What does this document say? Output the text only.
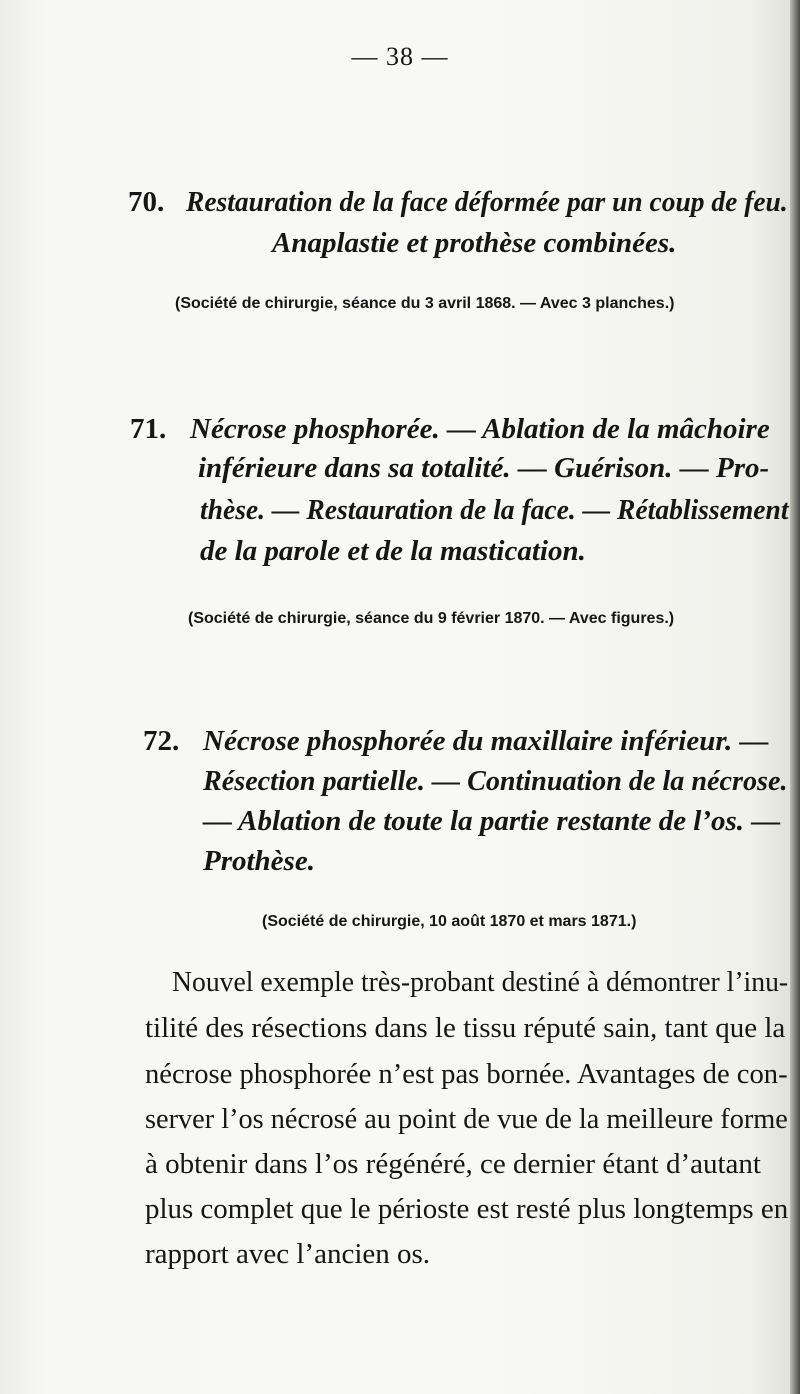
— 38 —
70. Restauration de la face déformée par un coup de feu.
Anaplastie et prothèse combinées.
(Société de chirurgie, séance du 3 avril 1868. — Avec 3 planches.)
71. Nécrose phosphorée. — Ablation de la mâchoire
inférieure dans sa totalité. — Guérison. — Pro-
thèse. — Restauration de la face. — Rétablissement
de la parole et de la mastication.
(Société de chirurgie, séance du 9 février 1870. — Avec figures.)
72. Nécrose phosphorée du maxillaire inférieur. —
Résection partielle. — Continuation de la nécrose.
— Ablation de toute la partie restante de l’os. —
Prothèse.
(Société de chirurgie, 10 août 1870 et mars 1871.)
Nouvel exemple très-probant destiné à démontrer l’inu-
tilité des résections dans le tissu réputé sain, tant que la
nécrose phosphorée n’est pas bornée. Avantages de con-
server l’os nécrosé au point de vue de la meilleure forme
à obtenir dans l’os régénéré, ce dernier étant d’autant
plus complet que le périoste est resté plus longtemps en
rapport avec l’ancien os.
